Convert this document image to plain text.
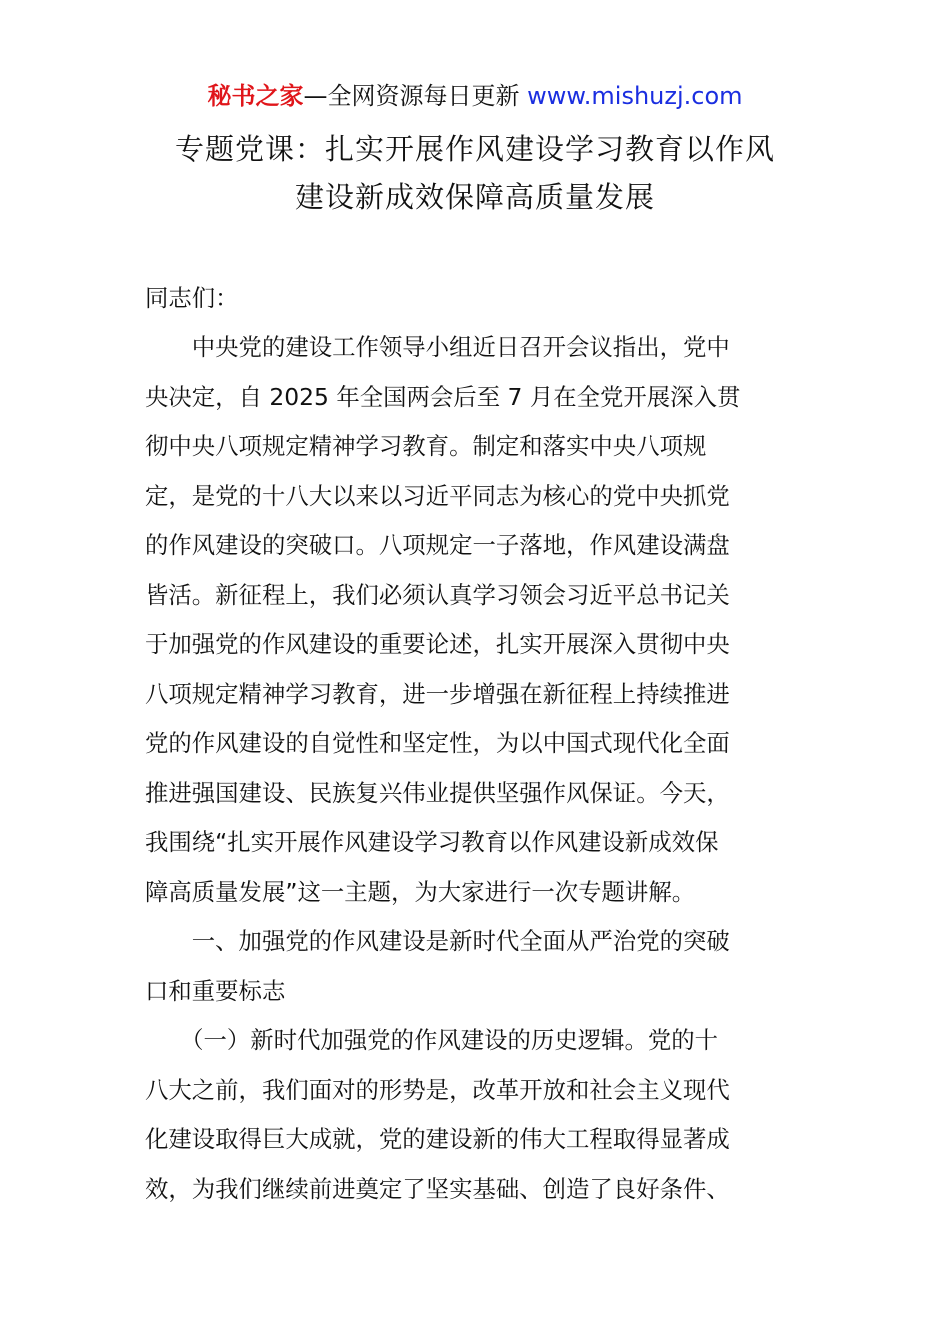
秘书之家—全网资源每日更新 www.mishuzj.com
专题党课：扎实开展作风建设学习教育以作风
建设新成效保障高质量发展

同志们：

　　中央党的建设工作领导小组近日召开会议指出，党中
央决定，自 2025 年全国两会后至 7 月在全党开展深入贯
彻中央八项规定精神学习教育。制定和落实中央八项规
定，是党的十八大以来以习近平同志为核心的党中央抓党
的作风建设的突破口。八项规定一子落地，作风建设满盘
皆活。新征程上，我们必须认真学习领会习近平总书记关
于加强党的作风建设的重要论述，扎实开展深入贯彻中央
八项规定精神学习教育，进一步增强在新征程上持续推进
党的作风建设的自觉性和坚定性，为以中国式现代化全面
推进强国建设、民族复兴伟业提供坚强作风保证。今天，
我围绕“扎实开展作风建设学习教育以作风建设新成效保
障高质量发展”这一主题，为大家进行一次专题讲解。
　　一、加强党的作风建设是新时代全面从严治党的突破
口和重要标志
　　（一）新时代加强党的作风建设的历史逻辑。党的十
八大之前，我们面对的形势是，改革开放和社会主义现代
化建设取得巨大成就，党的建设新的伟大工程取得显著成
效，为我们继续前进奠定了坚实基础、创造了良好条件、
